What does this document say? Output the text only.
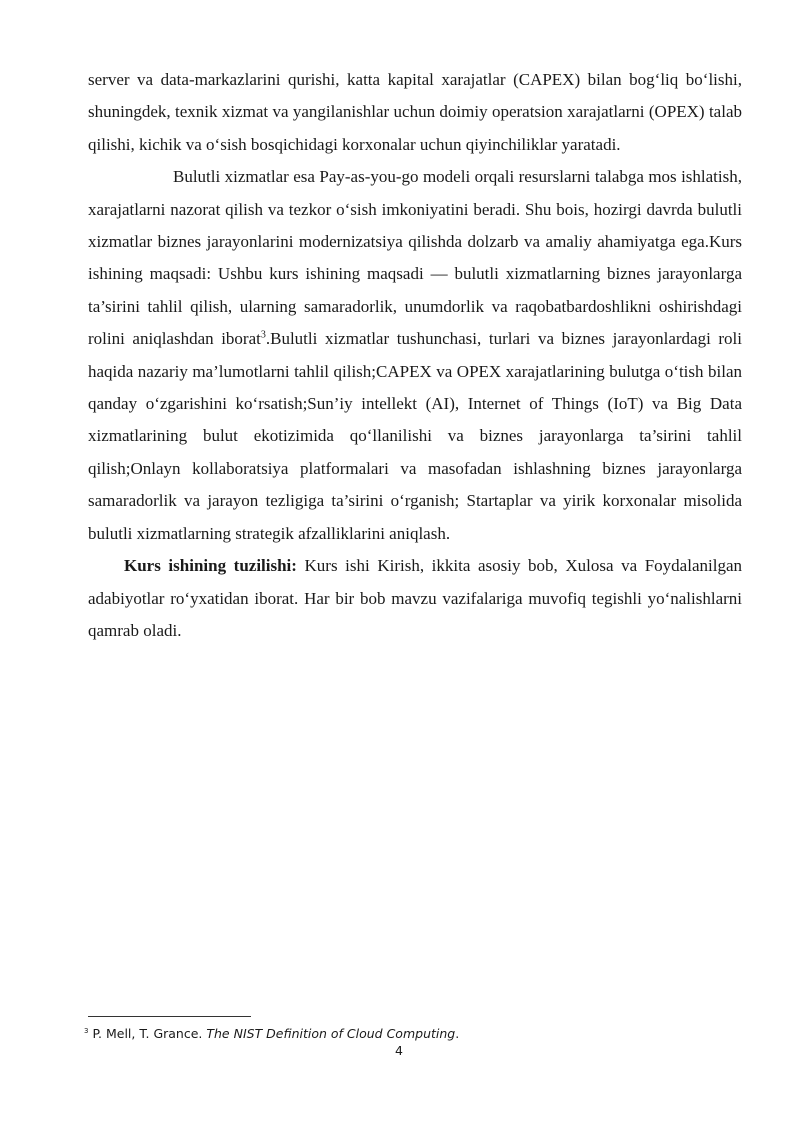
server va data-markazlarini qurishi, katta kapital xarajatlar (CAPEX) bilan bog‘liq bo‘lishi, shuningdek, texnik xizmat va yangilanishlar uchun doimiy operatsion xarajatlarni (OPEX) talab qilishi, kichik va o‘sish bosqichidagi korxonalar uchun qiyinchiliklar yaratadi.

Bulutli xizmatlar esa Pay-as-you-go modeli orqali resurslarni talabga mos ishlatish, xarajatlarni nazorat qilish va tezkor o‘sish imkoniyatini beradi. Shu bois, hozirgi davrda bulutli xizmatlar biznes jarayonlarini modernizatsiya qilishda dolzarb va amaliy ahamiyatga ega.Kurs ishining maqsadi: Ushbu kurs ishining maqsadi — bulutli xizmatlarning biznes jarayonlarga ta’sirini tahlil qilish, ularning samaradorlik, unumdorlik va raqobatbardoshlikni oshirishdagi rolini aniqlashdan iborat$^3$.Bulutli xizmatlar tushunchasi, turlari va biznes jarayonlardagi roli haqida nazariy ma’lumotlarni tahlil qilish;CAPEX va OPEX xarajatlarining bulutga o‘tish bilan qanday o‘zgarishini ko‘rsatish;Sun’iy intellekt (AI), Internet of Things (IoT) va Big Data xizmatlarining bulut ekotizimida qo‘llanilishi va biznes jarayonlarga ta’sirini tahlil qilish;Onlayn kollaboratsiya platformalari va masofadan ishlashning biznes jarayonlarga samaradorlik va jarayon tezligiga ta’sirini o‘rganish; Startaplar va yirik korxonalar misolida bulutli xizmatlarning strategik afzalliklarini aniqlash.

Kurs ishining tuzilishi: Kurs ishi Kirish, ikkita asosiy bob, Xulosa va Foydalanilgan adabiyotlar ro‘yxatidan iborat. Har bir bob mavzu vazifalariga muvofiq tegishli yo‘nalishlarni qamrab oladi.

$^3$ P. Mell, T. Grance. The NIST Definition of Cloud Computing.
4
